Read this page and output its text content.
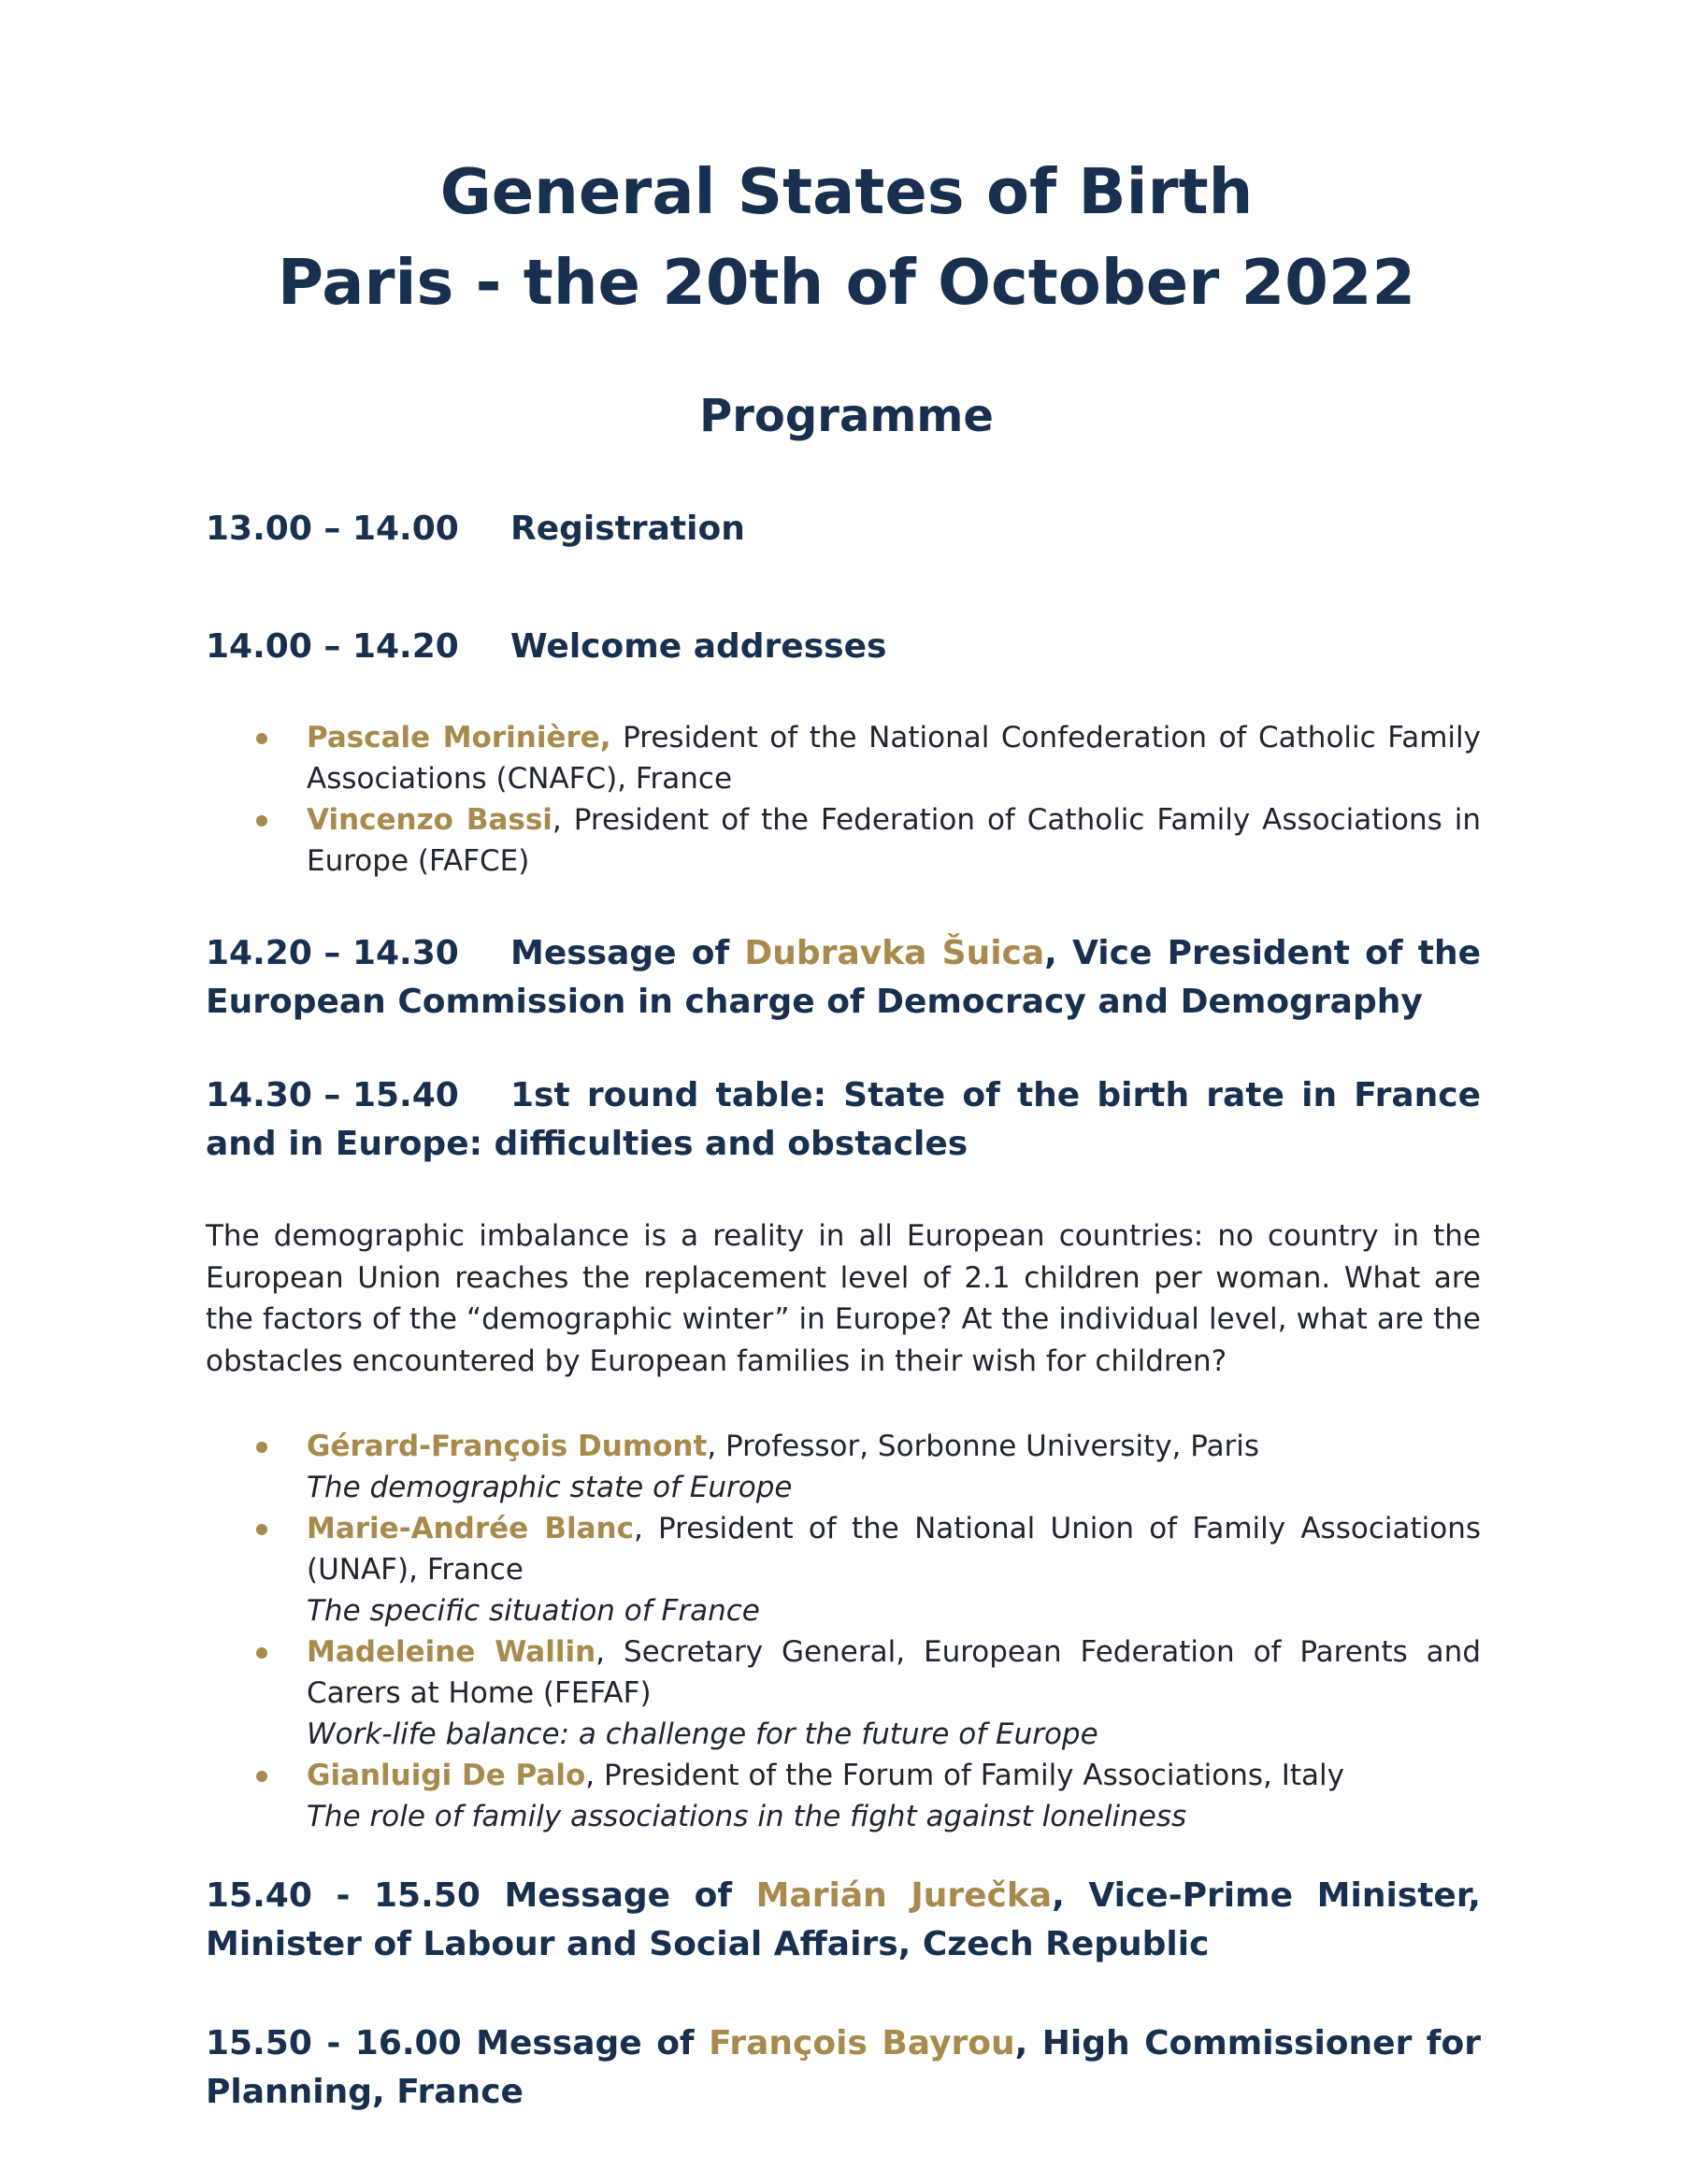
General States of Birth
Paris - the 20th of October 2022
Programme
13.00 – 14.00 Registration
14.00 – 14.20 Welcome addresses
Pascale Morinière, President of the National Confederation of Catholic Family Associations (CNAFC), France
Vincenzo Bassi, President of the Federation of Catholic Family Associations in Europe (FAFCE)
14.20 – 14.30 Message of Dubravka Šuica, Vice President of the European Commission in charge of Democracy and Demography
14.30 – 15.40 1st round table: State of the birth rate in France and in Europe: difficulties and obstacles
The demographic imbalance is a reality in all European countries: no country in the European Union reaches the replacement level of 2.1 children per woman. What are the factors of the “demographic winter” in Europe? At the individual level, what are the obstacles encountered by European families in their wish for children?
Gérard-François Dumont, Professor, Sorbonne University, Paris
The demographic state of Europe
Marie-Andrée Blanc, President of the National Union of Family Associations (UNAF), France
The specific situation of France
Madeleine Wallin, Secretary General, European Federation of Parents and Carers at Home (FEFAF)
Work-life balance: a challenge for the future of Europe
Gianluigi De Palo, President of the Forum of Family Associations, Italy
The role of family associations in the fight against loneliness
15.40 - 15.50 Message of Marián Jurečka, Vice-Prime Minister, Minister of Labour and Social Affairs, Czech Republic
15.50 - 16.00 Message of François Bayrou, High Commissioner for Planning, France
